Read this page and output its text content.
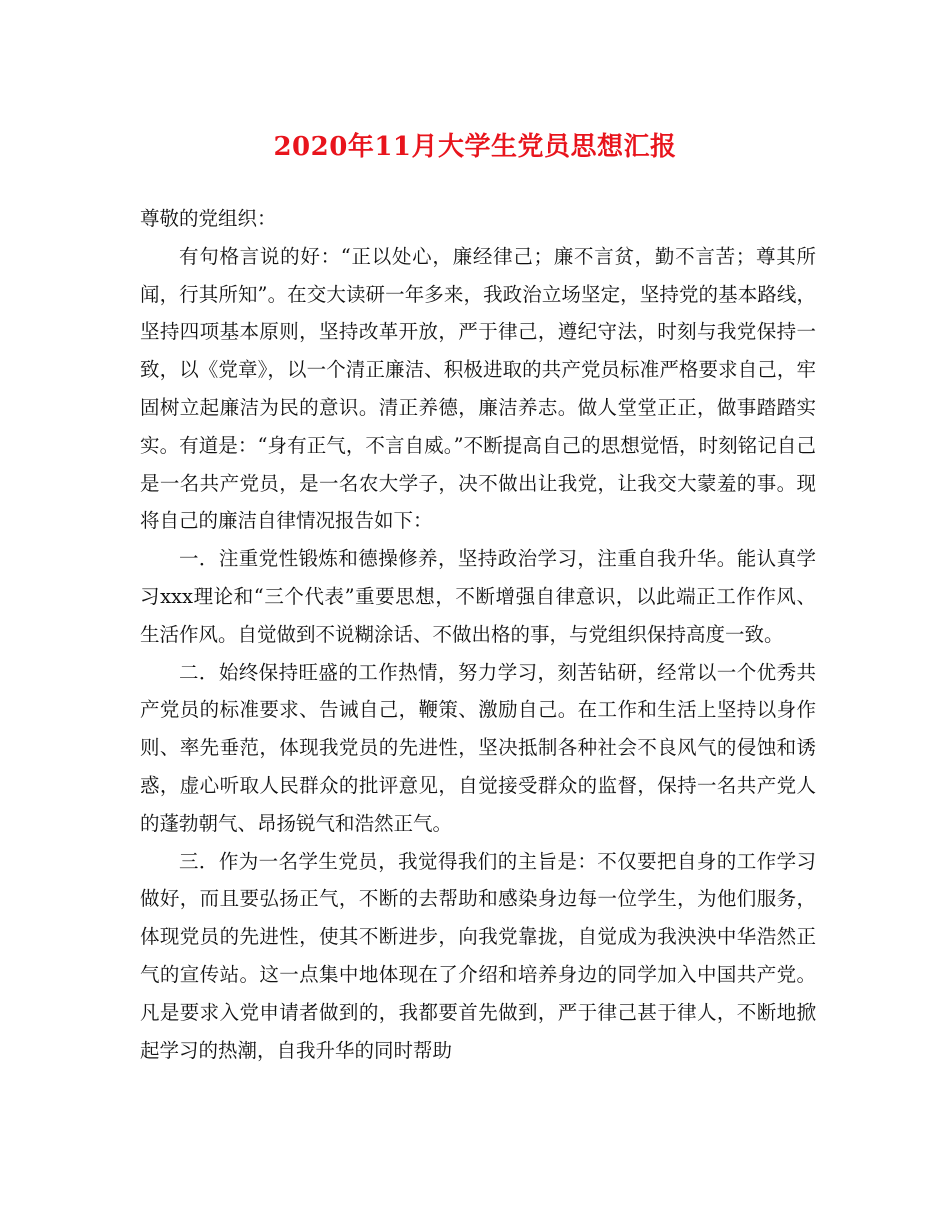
2020年11月大学生党员思想汇报

尊敬的党组织：

有句格言说的好：“正以处心，廉经律己；廉不言贫，勤不言苦；尊其所闻，行其所知”。在交大读研一年多来，我政治立场坚定，坚持党的基本路线，坚持四项基本原则，坚持改革开放，严于律己，遵纪守法，时刻与我党保持一致，以《党章》，以一个清正廉洁、积极进取的共产党员标准严格要求自己，牢固树立起廉洁为民的意识。清正养德，廉洁养志。做人堂堂正正，做事踏踏实实。有道是：“身有正气，不言自威。”不断提高自己的思想觉悟，时刻铭记自己是一名共产党员，是一名农大学子，决不做出让我党，让我交大蒙羞的事。现将自己的廉洁自律情况报告如下：

一．注重党性锻炼和德操修养，坚持政治学习，注重自我升华。能认真学习xxx理论和“三个代表”重要思想，不断增强自律意识，以此端正工作作风、生活作风。自觉做到不说糊涂话、不做出格的事，与党组织保持高度一致。

二．始终保持旺盛的工作热情，努力学习，刻苦钻研，经常以一个优秀共产党员的标准要求、告诫自己，鞭策、激励自己。在工作和生活上坚持以身作则、率先垂范，体现我党员的先进性，坚决抵制各种社会不良风气的侵蚀和诱惑，虚心听取人民群众的批评意见，自觉接受群众的监督，保持一名共产党人的蓬勃朝气、昂扬锐气和浩然正气。

三．作为一名学生党员，我觉得我们的主旨是：不仅要把自身的工作学习做好，而且要弘扬正气，不断的去帮助和感染身边每一位学生，为他们服务，体现党员的先进性，使其不断进步，向我党靠拢，自觉成为我泱泱中华浩然正气的宣传站。这一点集中地体现在了介绍和培养身边的同学加入中国共产党。凡是要求入党申请者做到的，我都要首先做到，严于律己甚于律人，不断地掀起学习的热潮，自我升华的同时帮助
